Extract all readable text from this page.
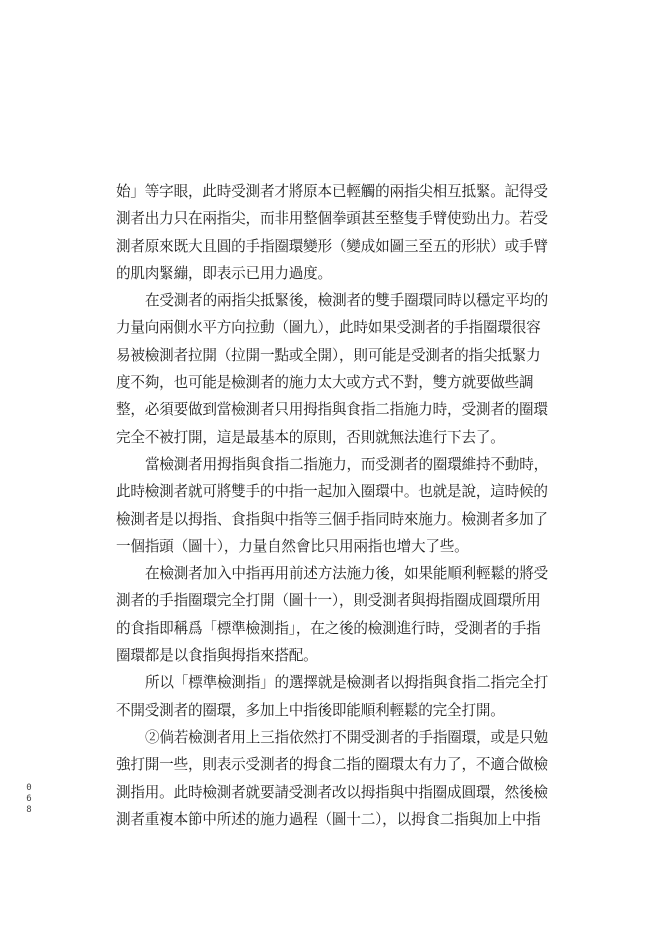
始」等字眼，此時受測者才將原本已輕觸的兩指尖相互抵緊。記得受
測者出力只在兩指尖，而非用整個拳頭甚至整隻手臂使勁出力。若受
測者原來既大且圓的手指圈環變形（變成如圖三至五的形狀）或手臂
的肌肉緊繃，即表示已用力過度。
在受測者的兩指尖抵緊後，檢測者的雙手圈環同時以穩定平均的
力量向兩側水平方向拉動（圖九），此時如果受測者的手指圈環很容
易被檢測者拉開（拉開一點或全開），則可能是受測者的指尖抵緊力
度不夠，也可能是檢測者的施力太大或方式不對，雙方就要做些調
整，必須要做到當檢測者只用拇指與食指二指施力時，受測者的圈環
完全不被打開，這是最基本的原則，否則就無法進行下去了。
當檢測者用拇指與食指二指施力，而受測者的圈環維持不動時，
此時檢測者就可將雙手的中指一起加入圈環中。也就是說，這時候的
檢測者是以拇指、食指與中指等三個手指同時來施力。檢測者多加了
一個指頭（圖十），力量自然會比只用兩指也增大了些。
在檢測者加入中指再用前述方法施力後，如果能順利輕鬆的將受
測者的手指圈環完全打開（圖十一），則受測者與拇指圈成圓環所用
的食指即稱爲「標準檢測指」，在之後的檢測進行時，受測者的手指
圈環都是以食指與拇指來搭配。
所以「標準檢測指」的選擇就是檢測者以拇指與食指二指完全打
不開受測者的圈環，多加上中指後即能順利輕鬆的完全打開。
②倘若檢測者用上三指依然打不開受測者的手指圈環，或是只勉
強打開一些，則表示受測者的拇食二指的圈環太有力了，不適合做檢
測指用。此時檢測者就要請受測者改以拇指與中指圈成圓環，然後檢
測者重複本節中所述的施力過程（圖十二），以拇食二指與加上中指
068
